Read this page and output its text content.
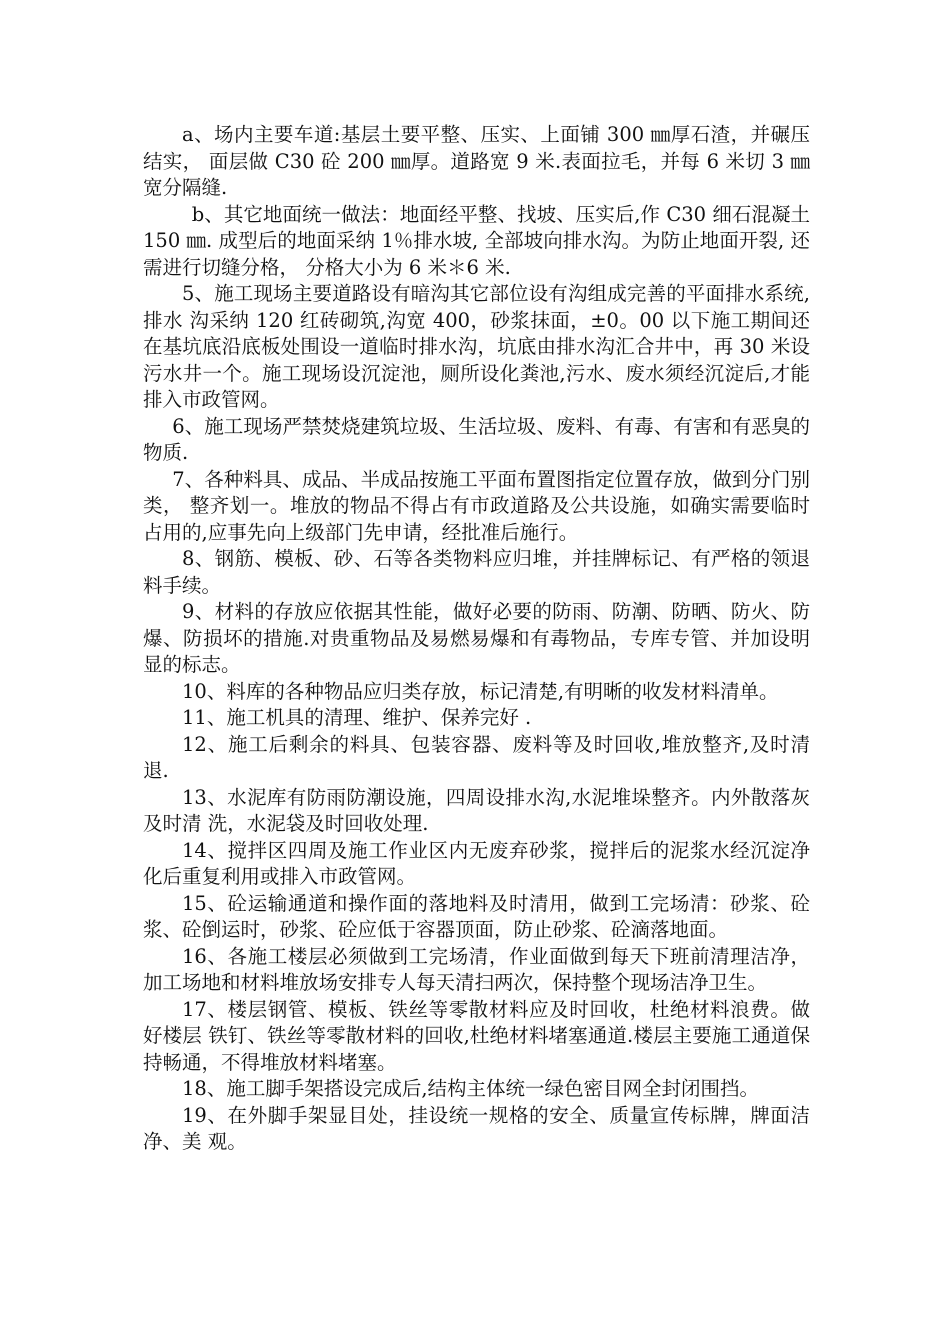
a、场内主要车道:基层土要平整、压实、上面铺 300 ㎜厚石渣，并碾压结实， 面层做 C30 砼 200 ㎜厚。道路宽 9 米.表面拉毛，并每 6 米切 3 ㎜宽分隔缝.

b、其它地面统一做法：地面经平整、找坡、压实后,作 C30 细石混凝土 150 ㎜. 成型后的地面采纳 1％排水坡, 全部坡向排水沟。为防止地面开裂, 还需进行切缝分格， 分格大小为 6 米＊6 米.

5、施工现场主要道路设有暗沟其它部位设有沟组成完善的平面排水系统,排水 沟采纳 120 红砖砌筑,沟宽 400，砂浆抹面，±0。00 以下施工期间还在基坑底沿底板处围设一道临时排水沟，坑底由排水沟汇合井中，再 30 米设污水井一个。施工现场设沉淀池，厕所设化粪池,污水、废水须经沉淀后,才能排入市政管网。

6、施工现场严禁焚烧建筑垃圾、生活垃圾、废料、有毒、有害和有恶臭的物质.

7、各种料具、成品、半成品按施工平面布置图指定位置存放，做到分门别类， 整齐划一。堆放的物品不得占有市政道路及公共设施，如确实需要临时占用的,应事先向上级部门先申请，经批准后施行。

8、钢筋、模板、砂、石等各类物料应归堆，并挂牌标记、有严格的领退料手续。

9、材料的存放应依据其性能，做好必要的防雨、防潮、防晒、防火、防爆、防损坏的措施.对贵重物品及易燃易爆和有毒物品，专库专管、并加设明显的标志。

10、料库的各种物品应归类存放，标记清楚,有明晰的收发材料清单。

11、施工机具的清理、维护、保养完好 .

12、施工后剩余的料具、包装容器、废料等及时回收,堆放整齐,及时清退.

13、水泥库有防雨防潮设施，四周设排水沟,水泥堆垛整齐。内外散落灰及时清 洗，水泥袋及时回收处理.

14、搅拌区四周及施工作业区内无废弃砂浆，搅拌后的泥浆水经沉淀净化后重复利用或排入市政管网。

15、砼运输通道和操作面的落地料及时清用，做到工完场清：砂浆、砼浆、砼倒运时，砂浆、砼应低于容器顶面，防止砂浆、砼滴落地面。

16、各施工楼层必须做到工完场清，作业面做到每天下班前清理洁净，加工场地和材料堆放场安排专人每天清扫两次，保持整个现场洁净卫生。

17、楼层钢管、模板、铁丝等零散材料应及时回收，杜绝材料浪费。做好楼层 铁钉、铁丝等零散材料的回收,杜绝材料堵塞通道.楼层主要施工通道保持畅通，不得堆放材料堵塞。

18、施工脚手架搭设完成后,结构主体统一绿色密目网全封闭围挡。

19、在外脚手架显目处，挂设统一规格的安全、质量宣传标牌，牌面洁净、美 观。
